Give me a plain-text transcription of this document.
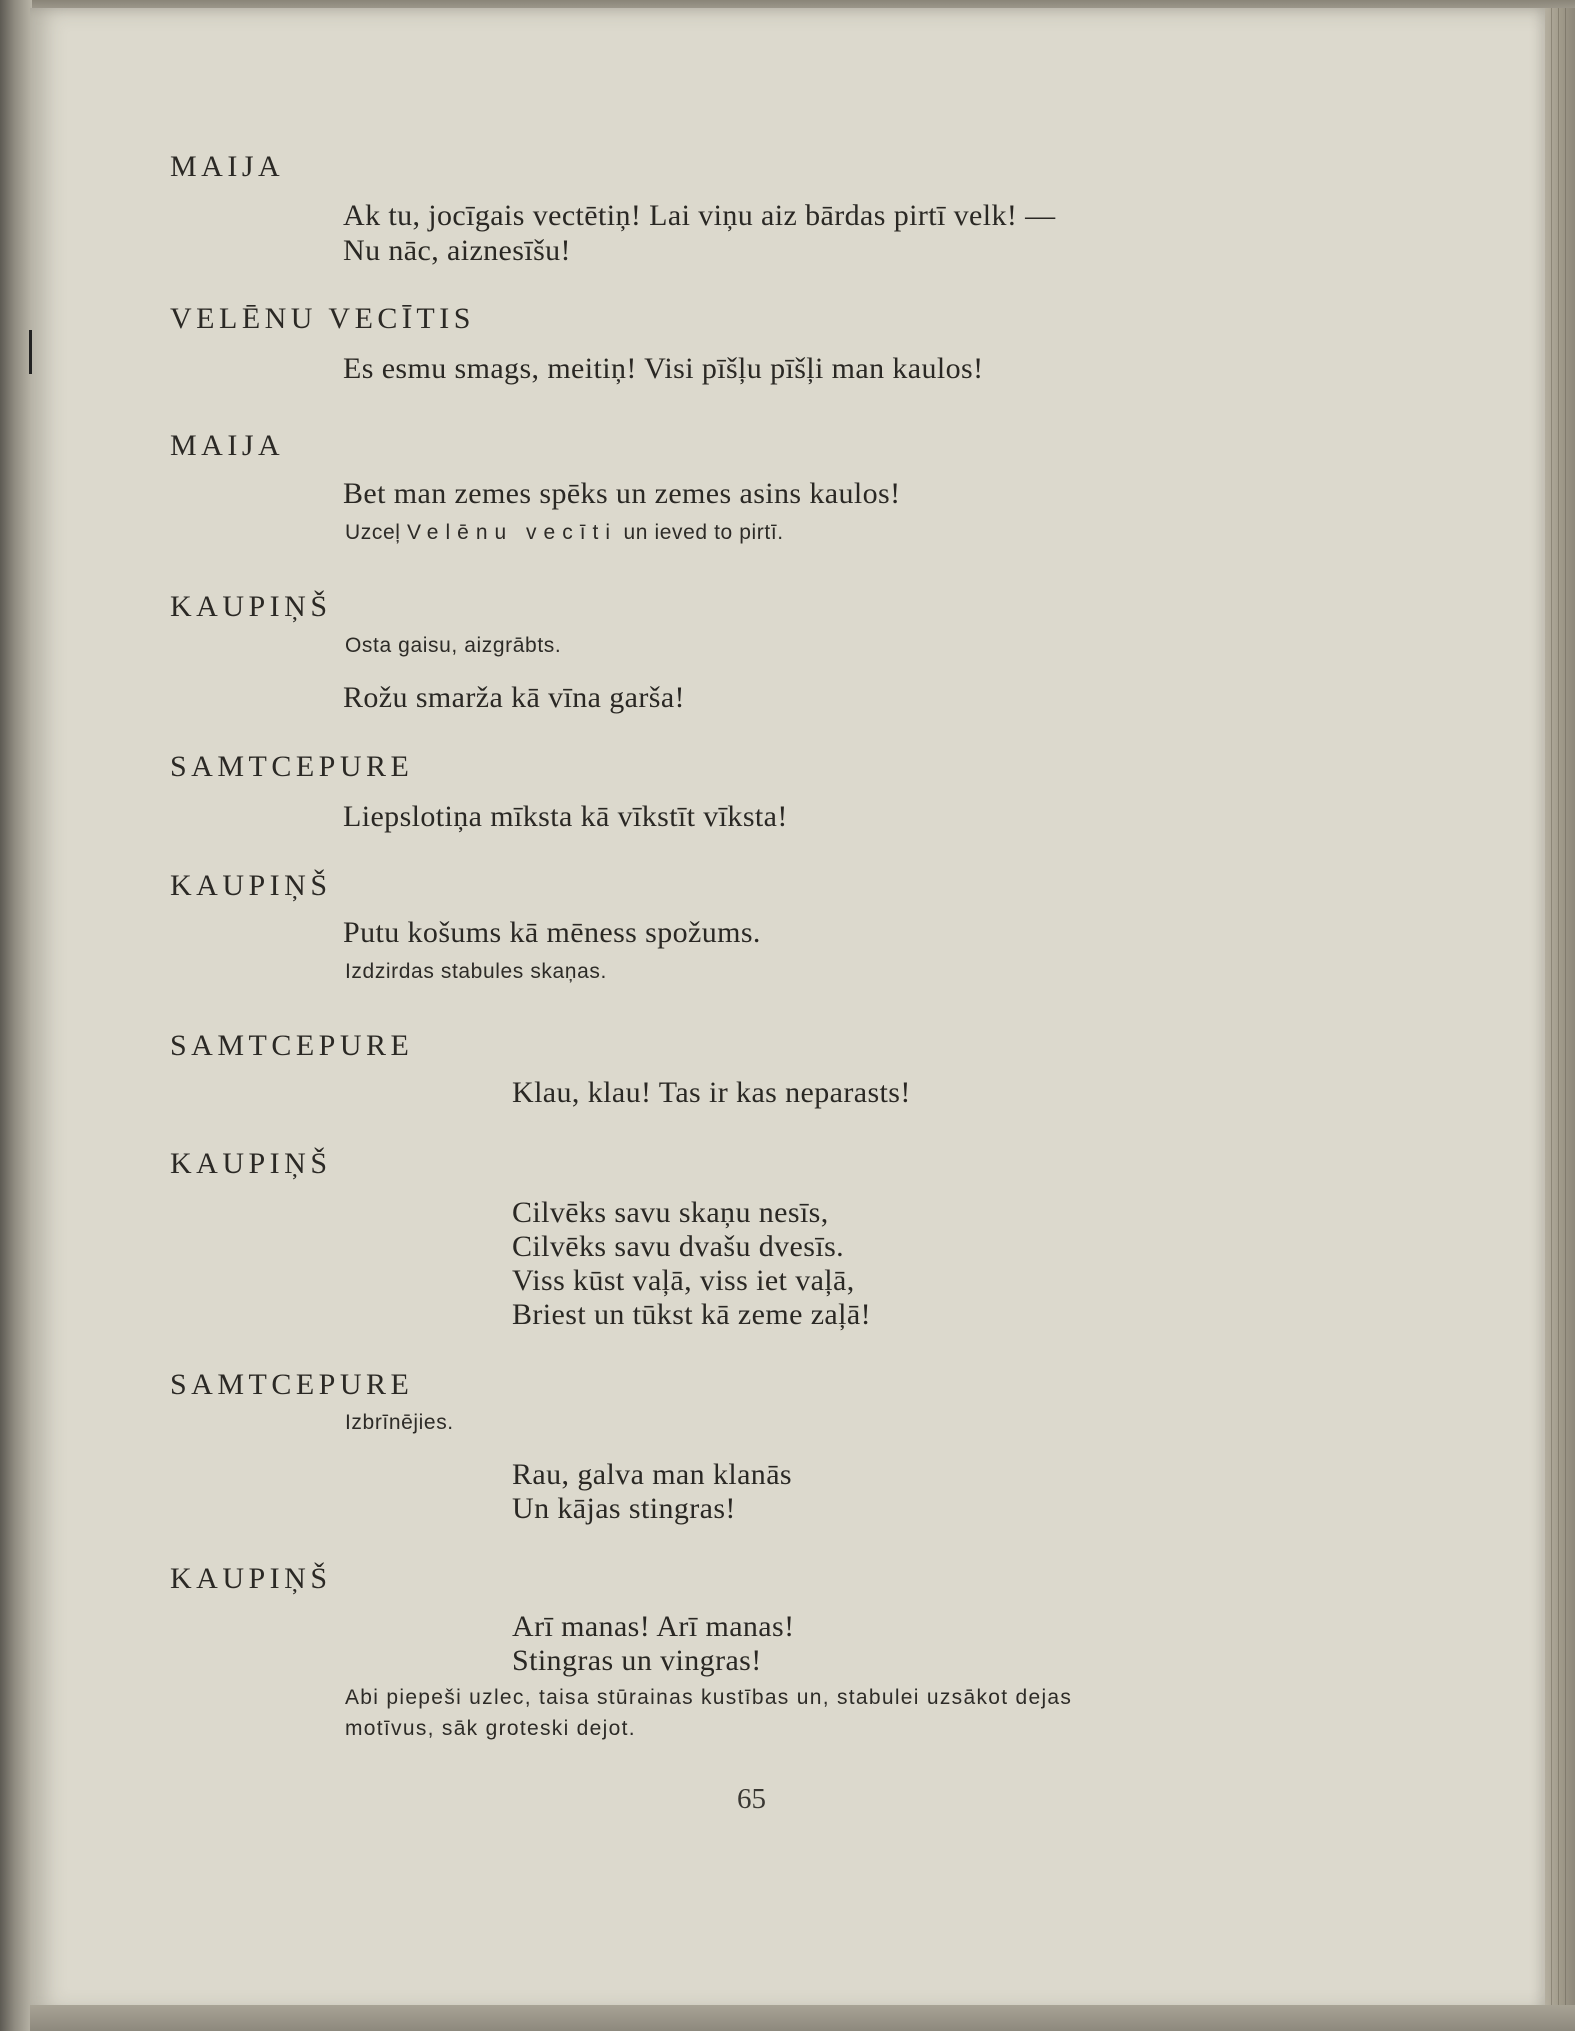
MAIJA
Ak tu, jocīgais vectētiņ! Lai viņu aiz bārdas pirtī velk! —
Nu nāc, aiznesīšu!
VELĒNU VECĪTIS
Es esmu smags, meitiņ! Visi pīšļu pīšļi man kaulos!
MAIJA
Bet man zemes spēks un zemes asins kaulos!
Uzceļ Velēnu vecīti un ieved to pirtī.
KAUPIŅŠ
Osta gaisu, aizgrābts.
Rožu smarža kā vīna garša!
SAMTCEPURE
Liepslotiņa mīksta kā vīkstīt vīksta!
KAUPIŅŠ
Putu košums kā mēness spožums.
Izdzirdas stabules skaņas.
SAMTCEPURE
Klau, klau! Tas ir kas neparasts!
KAUPIŅŠ
Cilvēks savu skaņu nesīs,
Cilvēks savu dvašu dvesīs.
Viss kūst vaļā, viss iet vaļā,
Briest un tūkst kā zeme zaļā!
SAMTCEPURE
Izbrīnējies.
Rau, galva man klanās
Un kājas stingras!
KAUPIŅŠ
Arī manas! Arī manas!
Stingras un vingras!
Abi piepeši uzlec, taisa stūrainas kustības un, stabulei uzsākot dejas
motīvus, sāk groteski dejot.
65
